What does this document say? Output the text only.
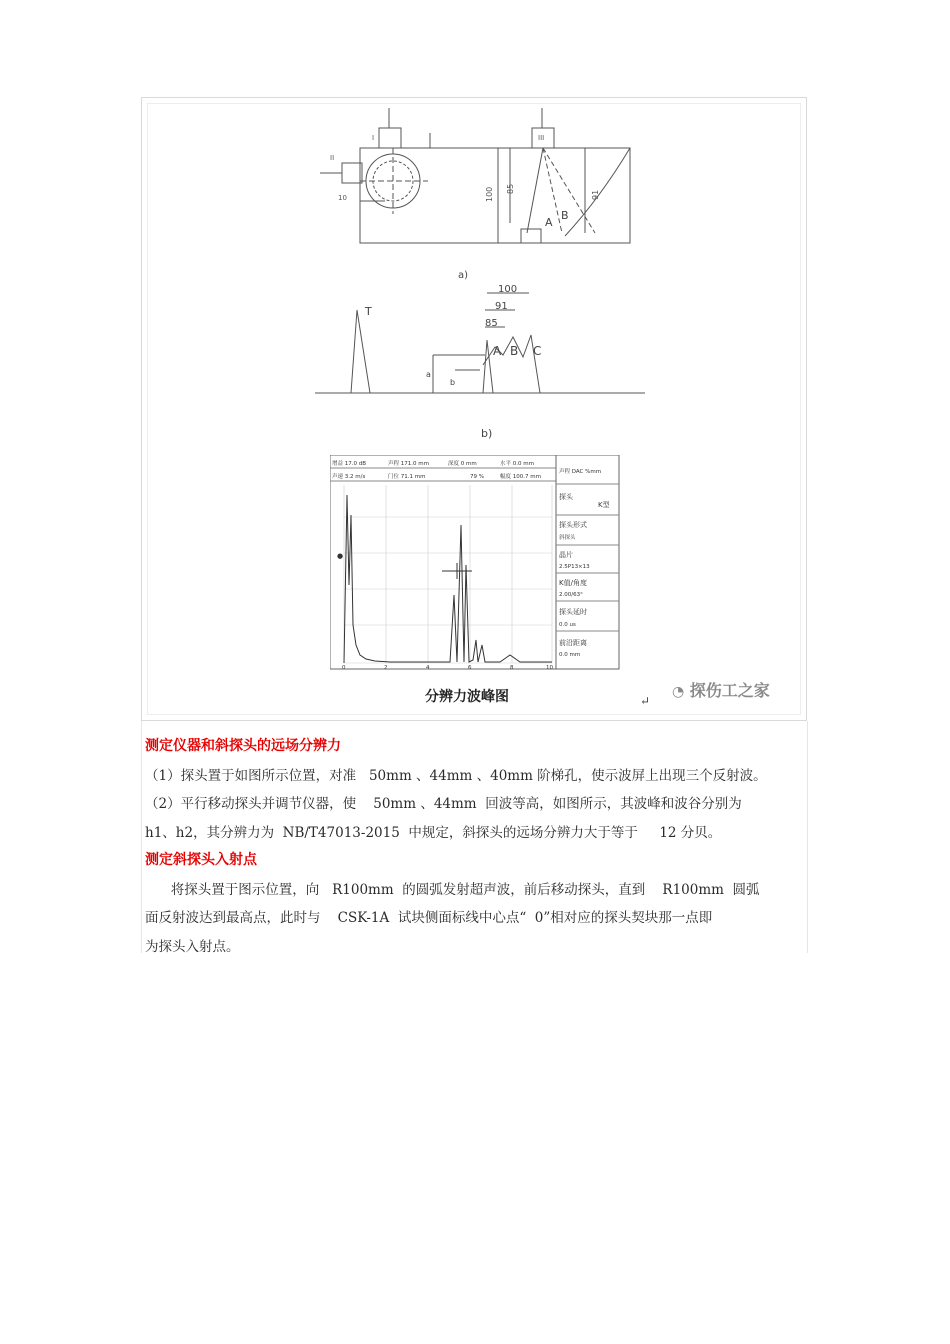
I	III
II
100 85
91
10
A
B
a)
T
100
91
85
A B C
a
b
b)
增益 17.0 dB	声程 171.0 mm	深度 0 mm	水平 0.0 mm
声速 3.2 m/s	门位 71.1 mm	79 %	幅度 100.7 mm
声程 DAC %mm
探头
K型
探头形式
斜探头
晶片
2.5P13×13
K值/角度
2.00/63°
探头延时
0.0 us
前沿距离
0.0 mm
●
0	2	4	6	8	10
分辨力波峰图	↵
◔ 探伤工之家
测定仪器和斜探头的远场分辨力
（1）探头置于如图所示位置，对准   50mm 、44mm 、40mm 阶梯孔，使示波屏上出现三个反射波。
（2）平行移动探头并调节仪器，使    50mm 、44mm  回波等高，如图所示，其波峰和波谷分别为
h1、h2，其分辨力为  NB/T47013-2015  中规定，斜探头的远场分辨力大于等于     12 分贝。
测定斜探头入射点
将探头置于图示位置，向   R100mm  的圆弧发射超声波，前后移动探头，直到    R100mm  圆弧
面反射波达到最高点，此时与    CSK-1A  试块侧面标线中心点“  0”相对应的探头契块那一点即
为探头入射点。
